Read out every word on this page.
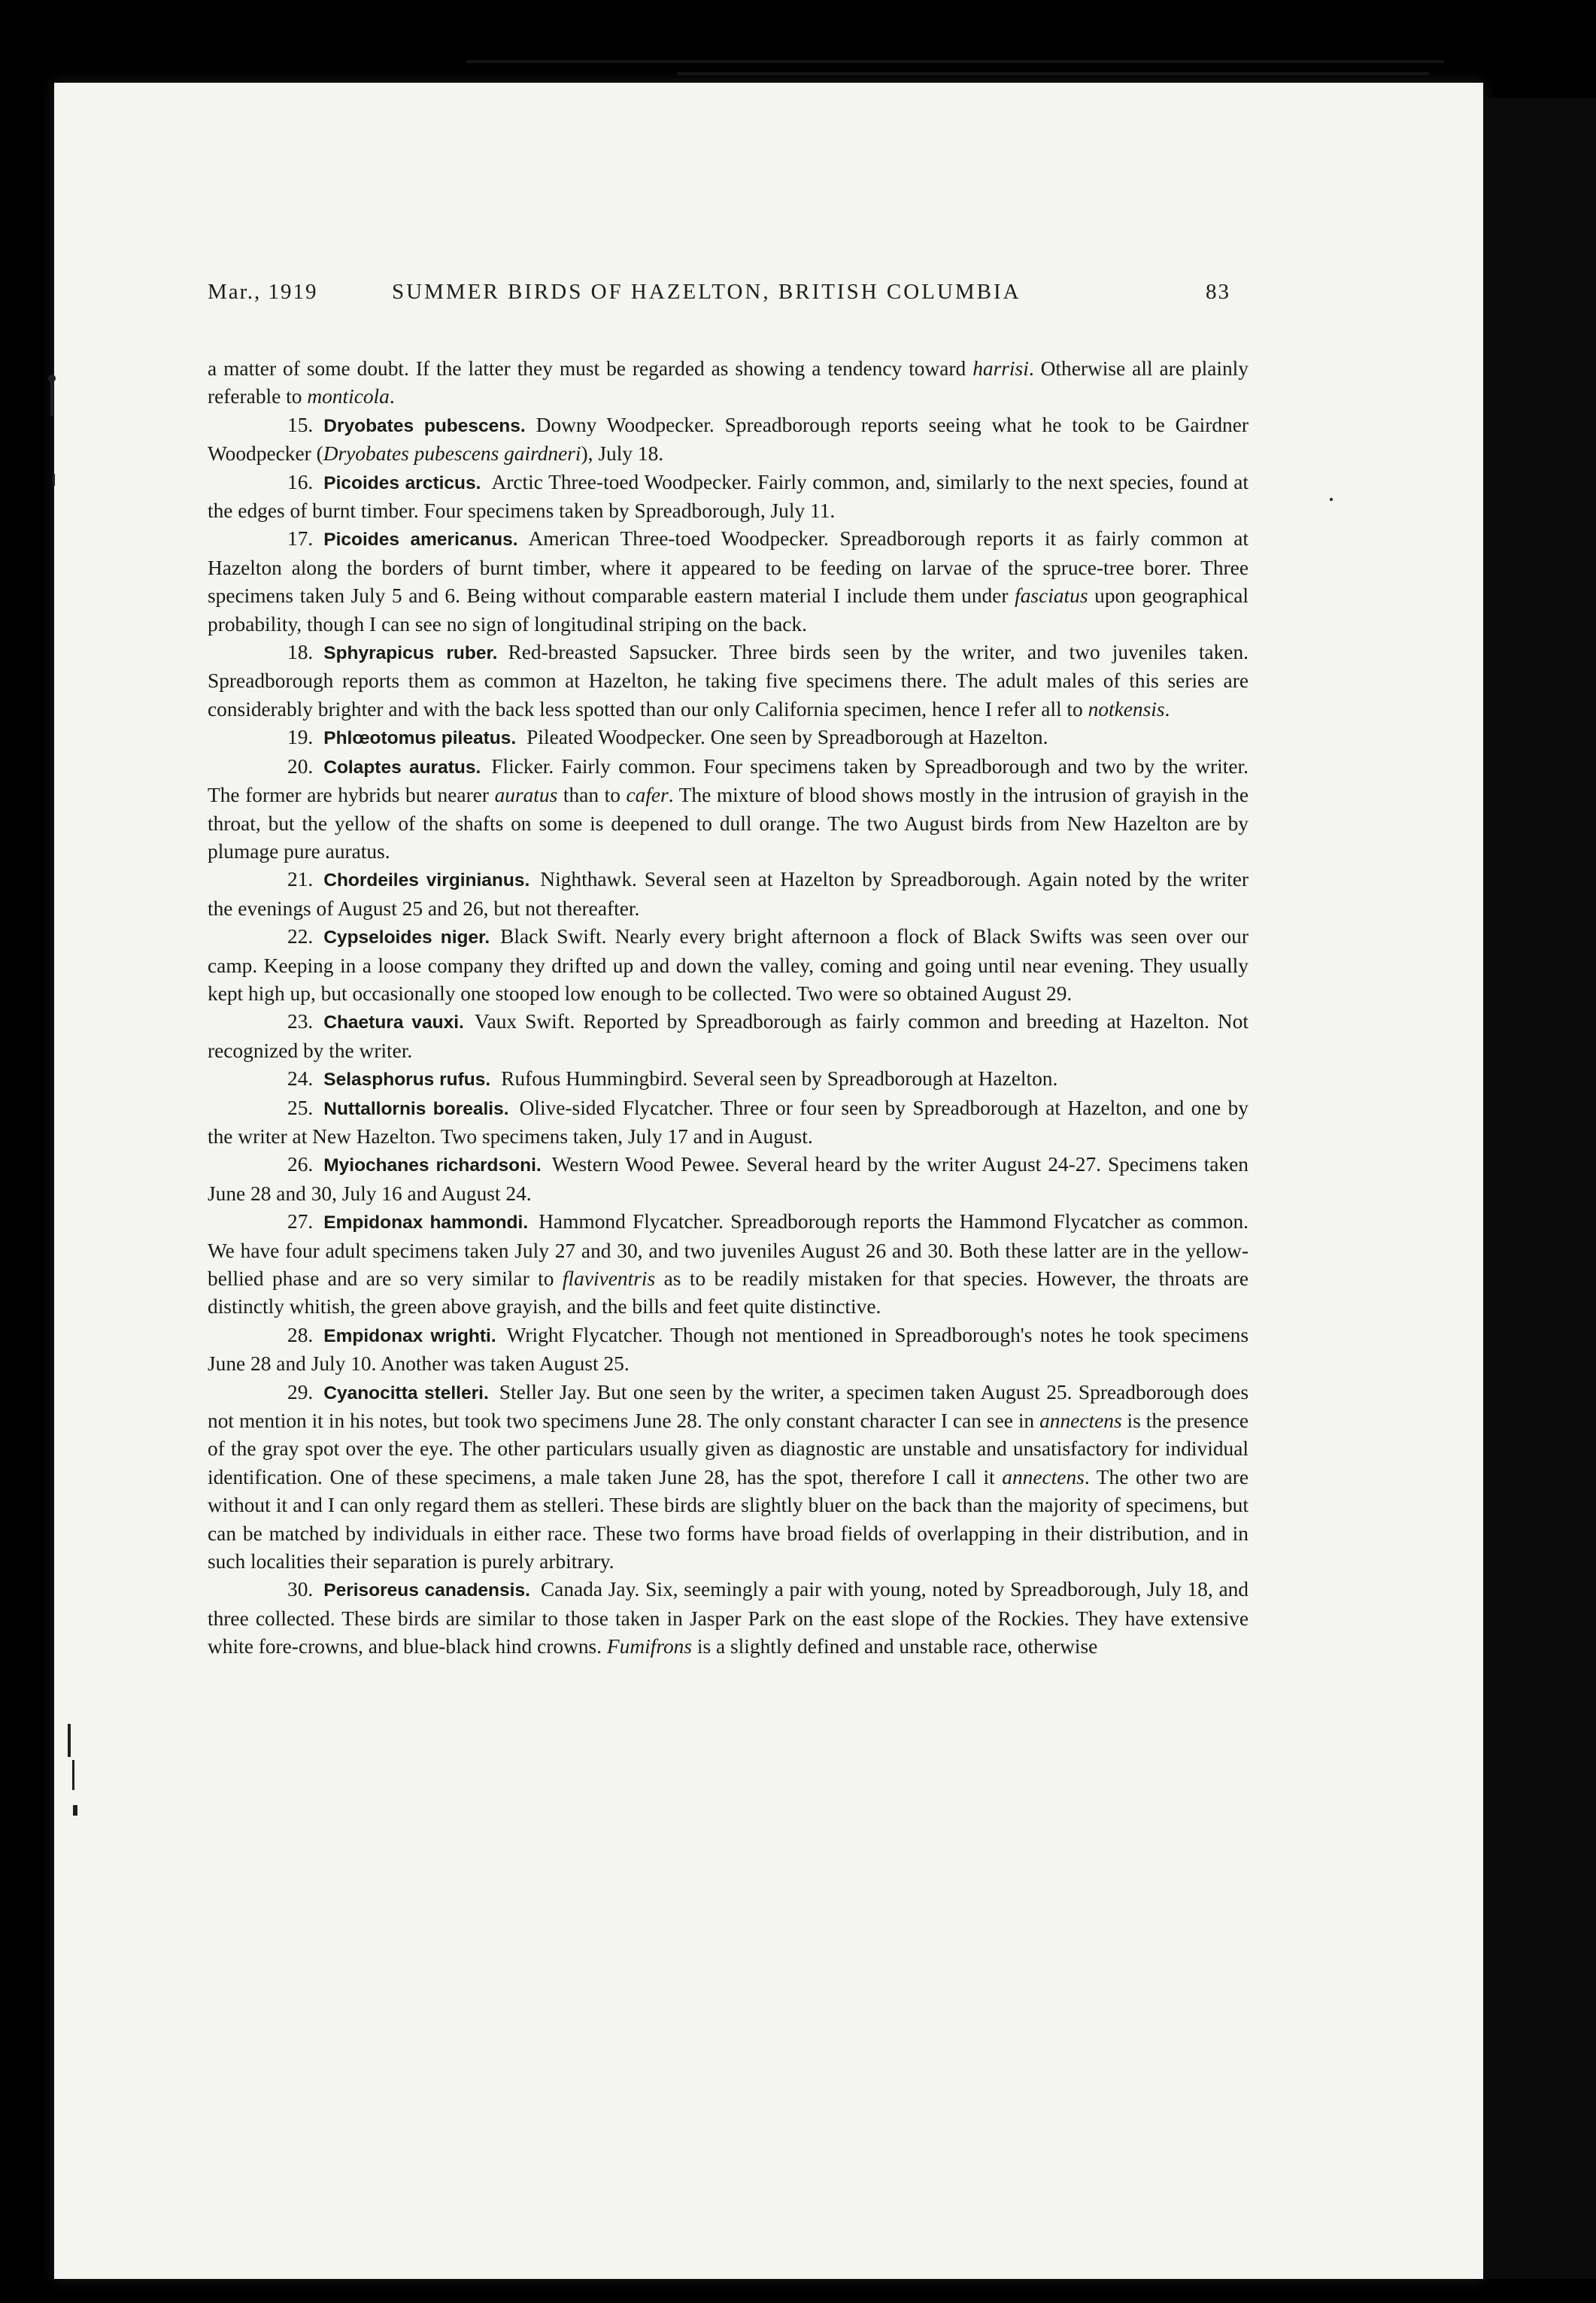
Mar., 1919	SUMMER BIRDS OF HAZELTON, BRITISH COLUMBIA	83

a matter of some doubt. If the latter they must be regarded as showing a tendency toward harrisi. Otherwise all are plainly referable to monticola.

15. Dryobates pubescens. Downy Woodpecker. Spreadborough reports seeing what he took to be Gairdner Woodpecker (Dryobates pubescens gairdneri), July 18.

16. Picoides arcticus. Arctic Three-toed Woodpecker. Fairly common, and, similarly to the next species, found at the edges of burnt timber. Four specimens taken by Spreadborough, July 11.

17. Picoides americanus. American Three-toed Woodpecker. Spreadborough reports it as fairly common at Hazelton along the borders of burnt timber, where it appeared to be feeding on larvae of the spruce-tree borer. Three specimens taken July 5 and 6. Being without comparable eastern material I include them under fasciatus upon geographical probability, though I can see no sign of longitudinal striping on the back.

18. Sphyrapicus ruber. Red-breasted Sapsucker. Three birds seen by the writer, and two juveniles taken. Spreadborough reports them as common at Hazelton, he taking five specimens there. The adult males of this series are considerably brighter and with the back less spotted than our only California specimen, hence I refer all to notkensis.

19. Phlœotomus pileatus. Pileated Woodpecker. One seen by Spreadborough at Hazelton.

20. Colaptes auratus. Flicker. Fairly common. Four specimens taken by Spreadborough and two by the writer. The former are hybrids but nearer auratus than to cafer. The mixture of blood shows mostly in the intrusion of grayish in the throat, but the yellow of the shafts on some is deepened to dull orange. The two August birds from New Hazelton are by plumage pure auratus.

21. Chordeiles virginianus. Nighthawk. Several seen at Hazelton by Spreadborough. Again noted by the writer the evenings of August 25 and 26, but not thereafter.

22. Cypseloides niger. Black Swift. Nearly every bright afternoon a flock of Black Swifts was seen over our camp. Keeping in a loose company they drifted up and down the valley, coming and going until near evening. They usually kept high up, but occasionally one stooped low enough to be collected. Two were so obtained August 29.

23. Chaetura vauxi. Vaux Swift. Reported by Spreadborough as fairly common and breeding at Hazelton. Not recognized by the writer.

24. Selasphorus rufus. Rufous Hummingbird. Several seen by Spreadborough at Hazelton.

25. Nuttallornis borealis. Olive-sided Flycatcher. Three or four seen by Spreadborough at Hazelton, and one by the writer at New Hazelton. Two specimens taken, July 17 and in August.

26. Myiochanes richardsoni. Western Wood Pewee. Several heard by the writer August 24-27. Specimens taken June 28 and 30, July 16 and August 24.

27. Empidonax hammondi. Hammond Flycatcher. Spreadborough reports the Hammond Flycatcher as common. We have four adult specimens taken July 27 and 30, and two juveniles August 26 and 30. Both these latter are in the yellow-bellied phase and are so very similar to flaviventris as to be readily mistaken for that species. However, the throats are distinctly whitish, the green above grayish, and the bills and feet quite distinctive.

28. Empidonax wrighti. Wright Flycatcher. Though not mentioned in Spreadborough's notes he took specimens June 28 and July 10. Another was taken August 25.

29. Cyanocitta stelleri. Steller Jay. But one seen by the writer, a specimen taken August 25. Spreadborough does not mention it in his notes, but took two specimens June 28. The only constant character I can see in annectens is the presence of the gray spot over the eye. The other particulars usually given as diagnostic are unstable and unsatisfactory for individual identification. One of these specimens, a male taken June 28, has the spot, therefore I call it annectens. The other two are without it and I can only regard them as stelleri. These birds are slightly bluer on the back than the majority of specimens, but can be matched by individuals in either race. These two forms have broad fields of overlapping in their distribution, and in such localities their separation is purely arbitrary.

30. Perisoreus canadensis. Canada Jay. Six, seemingly a pair with young, noted by Spreadborough, July 18, and three collected. These birds are similar to those taken in Jasper Park on the east slope of the Rockies. They have extensive white fore-crowns, and blue-black hind crowns. Fumifrons is a slightly defined and unstable race, otherwise
